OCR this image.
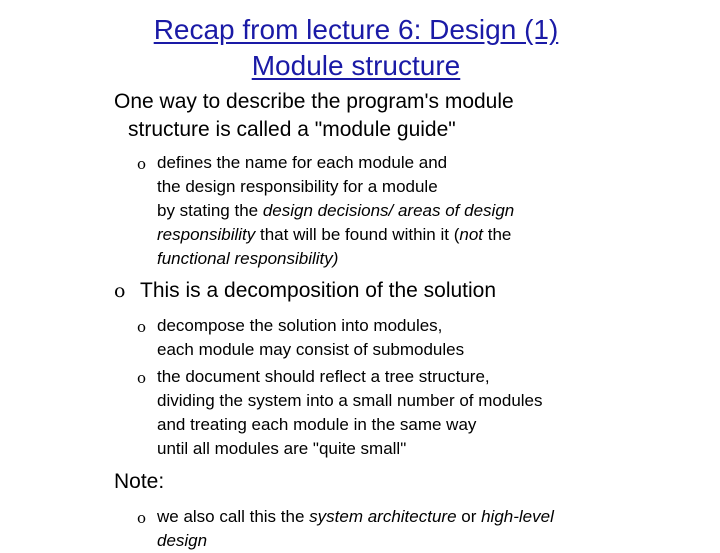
Recap from lecture 6: Design (1)
Module structure
One way to describe the program's module
structure is called a "module guide"
o defines the name for each module and
the design responsibility for a module
by stating the design decisions/ areas of design
responsibility that will be found within it (not the
functional responsibility)
o This is a decomposition of the solution
o decompose the solution into modules,
each module may consist of submodules
o the document should reflect a tree structure,
dividing the system into a small number of modules
and treating each module in the same way
until all modules are "quite small"
Note:
o we also call this the system architecture or high-level
design
